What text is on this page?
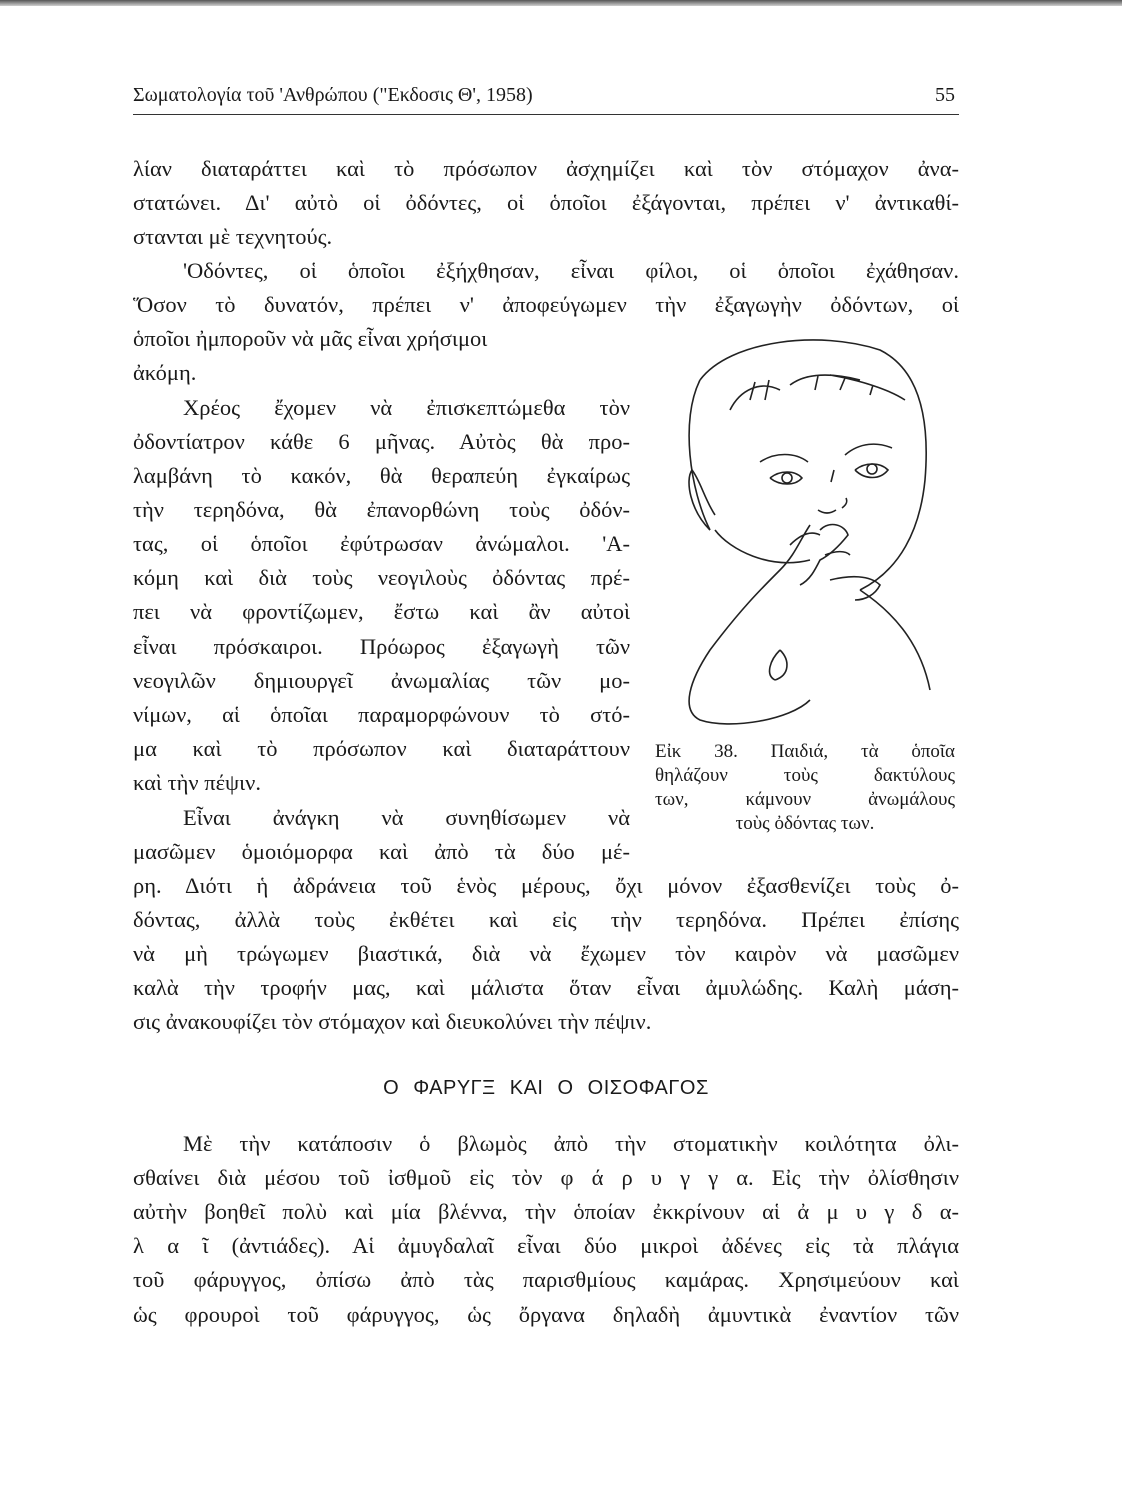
Σωματολογία τοῦ 'Ανθρώπου ("Εκδοσις Θ', 1958)	55
λίαν διαταράττει καὶ τὸ πρόσωπον ἀσχημίζει καὶ τὸν στόμαχον ἀνα-
στατώνει. Δι' αὐτὸ οἱ ὀδόντες, οἱ ὁποῖοι ἐξάγονται, πρέπει ν' ἀντικαθί-
στανται μὲ τεχνητούς.
'Οδόντες, οἱ ὁποῖοι ἐξήχθησαν, εἶναι φίλοι, οἱ ὁποῖοι ἐχάθησαν.
Ὅσον τὸ δυνατόν, πρέπει ν' ἀποφεύγωμεν τὴν ἐξαγωγὴν ὀδόντων, οἱ
ὁποῖοι ἠμποροῦν νὰ μᾶς εἶναι χρήσιμοι
ἀκόμη.
Χρέος ἔχομεν νὰ ἐπισκεπτώμεθα τὸν
ὀδοντίατρον κάθε 6 μῆνας. Αὐτὸς θὰ προ-
λαμβάνη τὸ κακόν, θὰ θεραπεύη ἐγκαίρως
τὴν τερηδόνα, θὰ ἐπανορθώνη τοὺς ὀδόν-
τας, οἱ ὁποῖοι ἐφύτρωσαν ἀνώμαλοι. 'Α-
κόμη καὶ διὰ τοὺς νεογιλοὺς ὀδόντας πρέ-
πει νὰ φροντίζωμεν, ἔστω καὶ ἂν αὐτοὶ
εἶναι πρόσκαιροι. Πρόωρος ἐξαγωγὴ τῶν
νεογιλῶν δημιουργεῖ ἀνωμαλίας τῶν μο-
νίμων, αἱ ὁποῖαι παραμορφώνουν τὸ στό-
μα καὶ τὸ πρόσωπον καὶ διαταράττουν
καὶ τὴν πέψιν.
Εἶναι ἀνάγκη νὰ συνηθίσωμεν νὰ
μασῶμεν ὁμοιόμορφα καὶ ἀπὸ τὰ δύο μέ-
ρη. Διότι ἡ ἀδράνεια τοῦ ἑνὸς μέρους, ὄχι μόνον ἐξασθενίζει τοὺς ὀ-
δόντας, ἀλλὰ τοὺς ἐκθέτει καὶ εἰς τὴν τερηδόνα. Πρέπει ἐπίσης
νὰ μὴ τρώγωμεν βιαστικά, διὰ νὰ ἔχωμεν τὸν καιρὸν νὰ μασῶμεν
καλὰ τὴν τροφήν μας, καὶ μάλιστα ὅταν εἶναι ἀμυλώδης. Καλὴ μάση-
σις ἀνακουφίζει τὸν στόμαχον καὶ διευκολύνει τὴν πέψιν.
Εἰκ 38. Παιδιά, τὰ ὁποῖα
θηλάζουν τοὺς δακτύλους
των, κάμνουν ἀνωμάλους
τοὺς ὀδόντας των.
Ο ΦΑΡΥΓΞ ΚΑΙ Ο ΟΙΣΟΦΑΓΟΣ
Μὲ τὴν κατάποσιν ὁ βλωμὸς ἀπὸ τὴν στοματικὴν κοιλότητα ὀλι-
σθαίνει διὰ μέσου τοῦ ἰσθμοῦ εἰς τὸν φ ά ρ υ γ γ α. Εἰς τὴν ὀλίσθησιν
αὐτὴν βοηθεῖ πολὺ καὶ μία βλέννα, τὴν ὁποίαν ἐκκρίνουν αἱ ἀ μ υ γ δ α-
λ α ῖ (ἀντιάδες). Αἱ ἀμυγδαλαῖ εἶναι δύο μικροὶ ἀδένες εἰς τὰ πλάγια
τοῦ φάρυγγος, ὀπίσω ἀπὸ τὰς παρισθμίους καμάρας. Χρησιμεύουν καὶ
ὡς φρουροὶ τοῦ φάρυγγος, ὡς ὄργανα δηλαδὴ ἀμυντικὰ ἐναντίον τῶν
